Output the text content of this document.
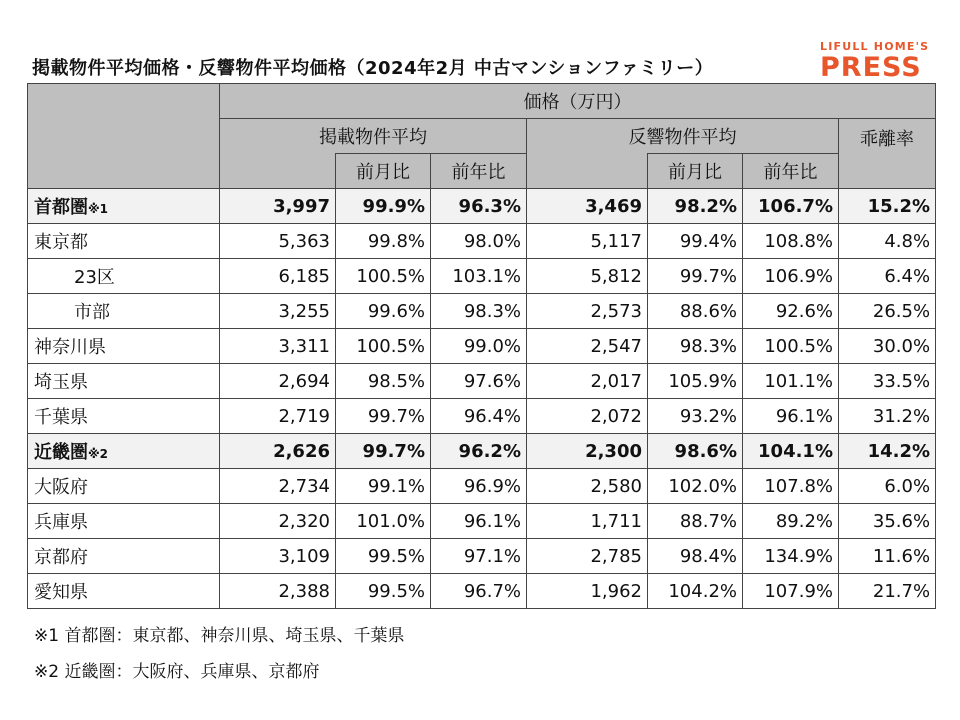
掲載物件平均価格・反響物件平均価格（2024年2月 中古マンションファミリー）
LIFULL HOME'S
PRESS
	価格（万円）						
	掲載物件平均			反響物件平均			乖離率
		前月比	前年比		前月比	前年比	
首都圏※1	3,997	99.9%	96.3%	3,469	98.2%	106.7%	15.2%
東京都	5,363	99.8%	98.0%	5,117	99.4%	108.8%	4.8%
23区	6,185	100.5%	103.1%	5,812	99.7%	106.9%	6.4%
市部	3,255	99.6%	98.3%	2,573	88.6%	92.6%	26.5%
神奈川県	3,311	100.5%	99.0%	2,547	98.3%	100.5%	30.0%
埼玉県	2,694	98.5%	97.6%	2,017	105.9%	101.1%	33.5%
千葉県	2,719	99.7%	96.4%	2,072	93.2%	96.1%	31.2%
近畿圏※2	2,626	99.7%	96.2%	2,300	98.6%	104.1%	14.2%
大阪府	2,734	99.1%	96.9%	2,580	102.0%	107.8%	6.0%
兵庫県	2,320	101.0%	96.1%	1,711	88.7%	89.2%	35.6%
京都府	3,109	99.5%	97.1%	2,785	98.4%	134.9%	11.6%
愛知県	2,388	99.5%	96.7%	1,962	104.2%	107.9%	21.7%
※1 首都圏：東京都、神奈川県、埼玉県、千葉県
※2 近畿圏：大阪府、兵庫県、京都府
